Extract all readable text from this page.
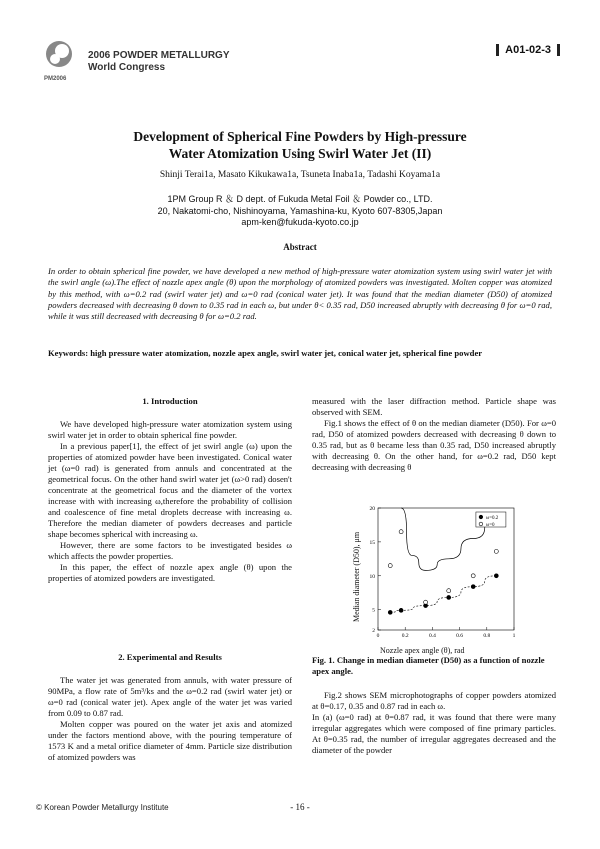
PM2006
2006 POWDER METALLURGY
World Congress
A01-02-3
Development of Spherical Fine Powders by High-pressure
Water Atomization Using Swirl Water Jet (II)
Shinji Terai1a, Masato Kikukawa1a, Tsuneta Inaba1a, Tadashi Koyama1a
1PM Group R ＆ D dept. of Fukuda Metal Foil ＆ Powder co., LTD.
20, Nakatomi-cho, Nishinoyama, Yamashina-ku, Kyoto 607-8305,Japan
apm-ken@fukuda-kyoto.co.jp
Abstract
In order to obtain spherical fine powder, we have developed a new method of high-pressure water atomization system using swirl water jet with the swirl angle (ω).The effect of nozzle apex angle (θ) upon the morphology of atomized powders was investigated. Molten copper was atomized by this method, with ω=0.2 rad (swirl water jet) and ω=0 rad (conical water jet). It was found that the median diameter (D50) of atomized powders decreased with decreasing θ down to 0.35 rad in each ω, but under θ< 0.35 rad, D50 increased abruptly with decreasing θ for ω=0 rad, while it was still decreased with decreasing θ for ω=0.2 rad.
Keywords: high pressure water atomization, nozzle apex angle, swirl water jet, conical water jet, spherical fine powder
1. Introduction

We have developed high-pressure water atomization system using swirl water jet in order to obtain spherical fine powder.

In a previous paper[1], the effect of jet swirl angle (ω) upon the properties of atomized powder have been investigated. Conical water jet (ω=0 rad) is generated from annuls and concentrated at the geometrical focus. On the other hand swirl water jet (ω>0 rad) dosen't concentrate at the geometrical focus and the diameter of the vortex increase with with increasing ω,therefore the probability of collision and coalescence of fine metal droplets decrease with increasing ω. Therefore the median diameter of powders decreases and particle shape becomes spherical with increasing ω.

However, there are some factors to be investigated besides ω which affects the powder properties.

In this paper, the effect of nozzle apex angle (θ) upon the properties of atomized powders are investigated.

2. Experimental and Results

The water jet was generated from annuls, with water pressure of 90MPa, a flow rate of 5m³/ks and the ω=0.2 rad (swirl water jet) or ω=0 rad (conical water jet). Apex angle of the water jet was varied from 0.09 to 0.87 rad.

Molten copper was poured on the water jet axis and atomized under the factors mentiond above, with the pouring temperature of 1573 K and a metal orifice diameter of 4mm. Particle size distribution of atomized powders was

measured with the laser diffraction method. Particle shape was observed with SEM.

Fig.1 shows the effect of θ on the median diameter (D50). For ω=0 rad, D50 of atomized powders decreased with decreasing θ down to 0.35 rad, but as θ became less than 0.35 rad, D50 increased abruptly with decreasing θ. On the other hand, for ω=0.2 rad, D50 kept decreasing with decreasing θ

0	0.2	0.4	0.6	0.8	1
2
5
10
15
20
ω=0.2
ω=0
Nozzle apex angle (θ), rad
Median diameter (D50), μm
Fig. 1. Change in median diameter (D50) as a function of nozzle apex angle.

Fig.2 shows SEM microphotographs of copper powders atomized at θ=0.17, 0.35 and 0.87 rad in each ω.

In (a) (ω=0 rad) at θ=0.87 rad, it was found that there were many irregular aggregates which were composed of fine primary particles. At θ=0.35 rad, the number of irregular aggregates decreased and the diameter of the powder

© Korean Powder Metallurgy Institute	- 16 -
